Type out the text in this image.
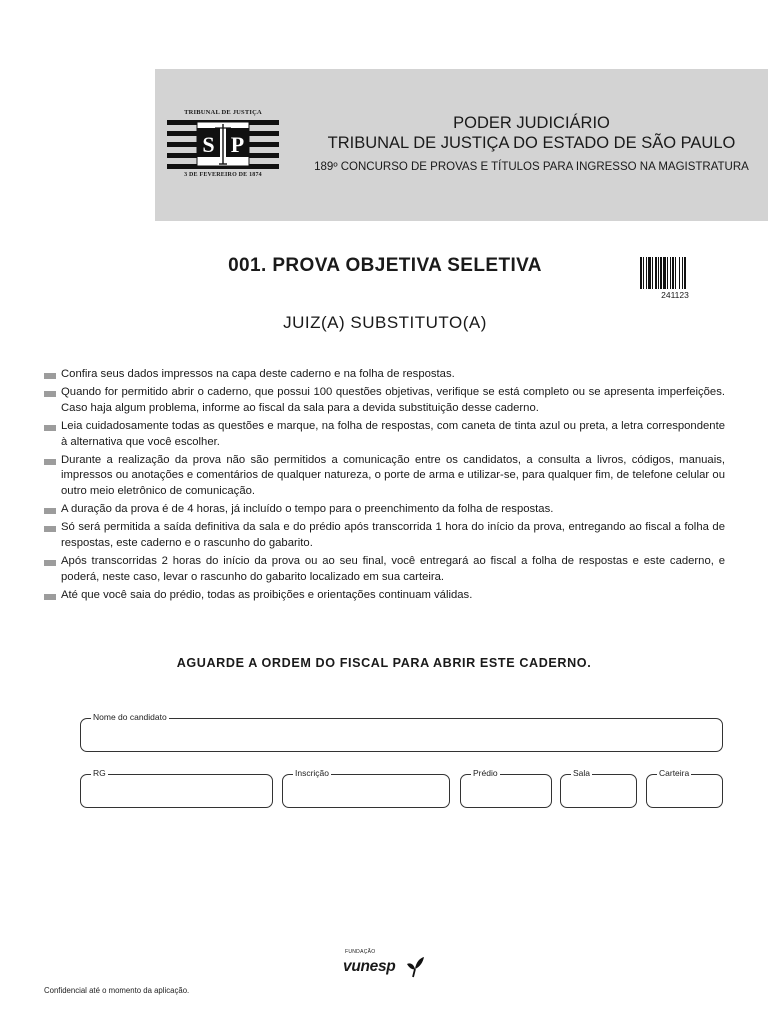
TRIBUNAL DE JUSTIÇA
S P
3 DE FEVEREIRO DE 1874
PODER JUDICIÁRIO
TRIBUNAL DE JUSTIÇA DO ESTADO DE SÃO PAULO
189º CONCURSO DE PROVAS E TÍTULOS PARA INGRESSO NA MAGISTRATURA
001. PROVA OBJETIVA SELETIVA
241123
JUIZ(A) SUBSTITUTO(A)
Confira seus dados impressos na capa deste caderno e na folha de respostas.
Quando for permitido abrir o caderno, que possui 100 questões objetivas, verifique se está completo ou se apresenta imperfeições. Caso haja algum problema, informe ao fiscal da sala para a devida substituição desse caderno.
Leia cuidadosamente todas as questões e marque, na folha de respostas, com caneta de tinta azul ou preta, a letra correspondente à alternativa que você escolher.
Durante a realização da prova não são permitidos a comunicação entre os candidatos, a consulta a livros, códigos, manuais, impressos ou anotações e comentários de qualquer natureza, o porte de arma e utilizar-se, para qualquer fim, de telefone celular ou outro meio eletrônico de comunicação.
A duração da prova é de 4 horas, já incluído o tempo para o preenchimento da folha de respostas.
Só será permitida a saída definitiva da sala e do prédio após transcorrida 1 hora do início da prova, entregando ao fiscal a folha de respostas, este caderno e o rascunho do gabarito.
Após transcorridas 2 horas do início da prova ou ao seu final, você entregará ao fiscal a folha de respostas e este caderno, e poderá, neste caso, levar o rascunho do gabarito localizado em sua carteira.
Até que você saia do prédio, todas as proibições e orientações continuam válidas.
AGUARDE A ORDEM DO FISCAL PARA ABRIR ESTE CADERNO.
Nome do candidato
RG	Inscrição	Prédio	Sala	Carteira
FUNDAÇÃO
vunesp
Confidencial até o momento da aplicação.
